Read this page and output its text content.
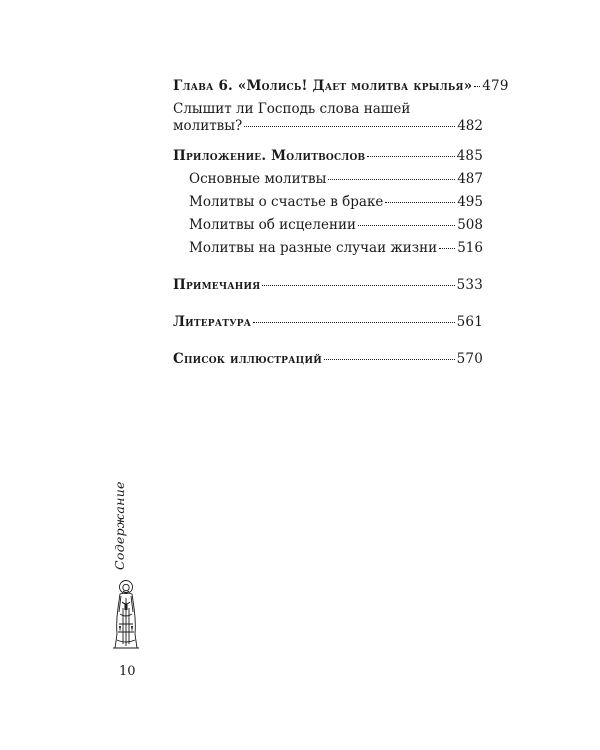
Глава 6. «Молись! Дает молитва крылья» 479
Слышит ли Господь слова нашей
молитвы?	482
Приложение. Молитвослов	485
Основные молитвы	487
Молитвы о счастье в браке	495
Молитвы об исцелении	508
Молитвы на разные случаи жизни 516
Примечания	533
Литература	561
Список иллюстраций	570
Содержание
10
